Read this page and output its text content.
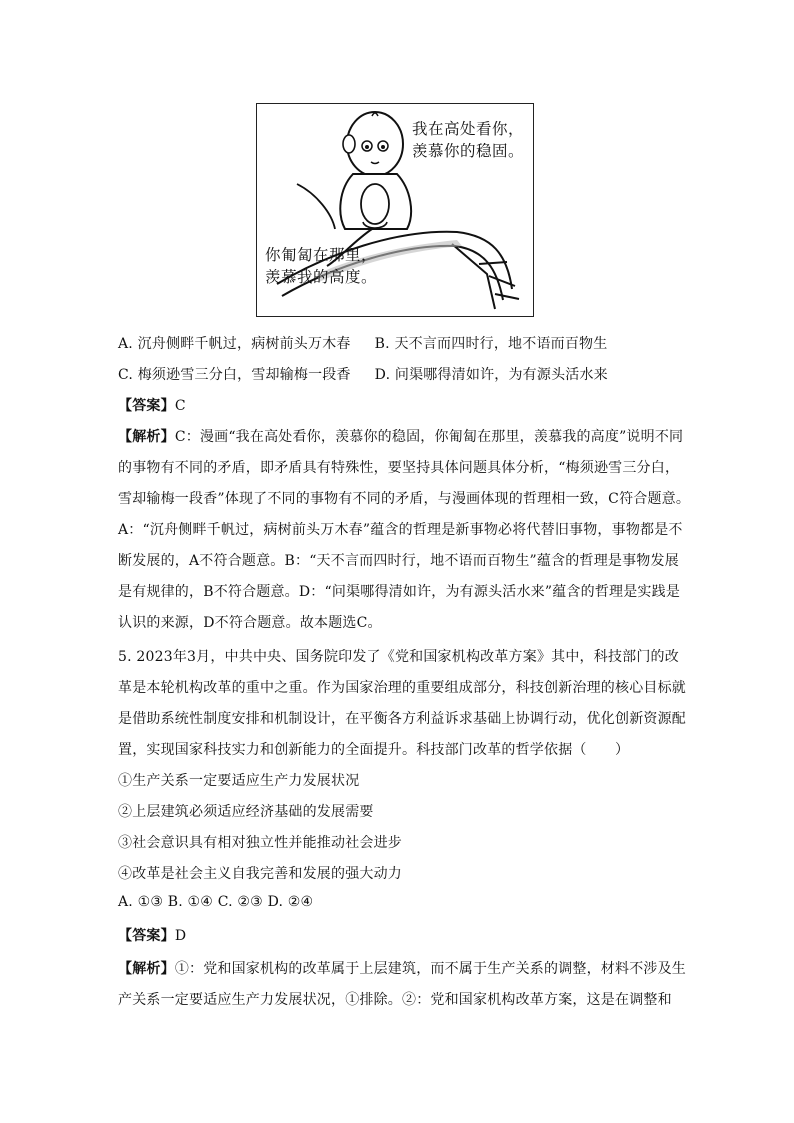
我在高处看你，
羡慕你的稳固。
你匍匐在那里，
羡慕我的高度。
A. 沉舟侧畔千帆过，病树前头万木春 B. 天不言而四时行，地不语而百物生
C. 梅须逊雪三分白，雪却输梅一段香 D. 问渠哪得清如许，为有源头活水来
【答案】C
【解析】C：漫画“我在高处看你，羡慕你的稳固，你匍匐在那里，羡慕我的高度”说明不同
的事物有不同的矛盾，即矛盾具有特殊性，要坚持具体问题具体分析，“梅须逊雪三分白，
雪却输梅一段香”体现了不同的事物有不同的矛盾，与漫画体现的哲理相一致，C符合题意。
A：“沉舟侧畔千帆过，病树前头万木春”蕴含的哲理是新事物必将代替旧事物，事物都是不
断发展的，A不符合题意。B：“天不言而四时行，地不语而百物生”蕴含的哲理是事物发展
是有规律的，B不符合题意。D：“问渠哪得清如许，为有源头活水来”蕴含的哲理是实践是
认识的来源，D不符合题意。故本题选C。
5. 2023年3月，中共中央、国务院印发了《党和国家机构改革方案》其中，科技部门的改
革是本轮机构改革的重中之重。作为国家治理的重要组成部分，科技创新治理的核心目标就
是借助系统性制度安排和机制设计，在平衡各方利益诉求基础上协调行动，优化创新资源配
置，实现国家科技实力和创新能力的全面提升。科技部门改革的哲学依据（　　）
①生产关系一定要适应生产力发展状况
②上层建筑必须适应经济基础的发展需要
③社会意识具有相对独立性并能推动社会进步
④改革是社会主义自我完善和发展的强大动力
A. ①③ B. ①④ C. ②③ D. ②④
【答案】D
【解析】①：党和国家机构的改革属于上层建筑，而不属于生产关系的调整，材料不涉及生
产关系一定要适应生产力发展状况，①排除。②：党和国家机构改革方案，这是在调整和
